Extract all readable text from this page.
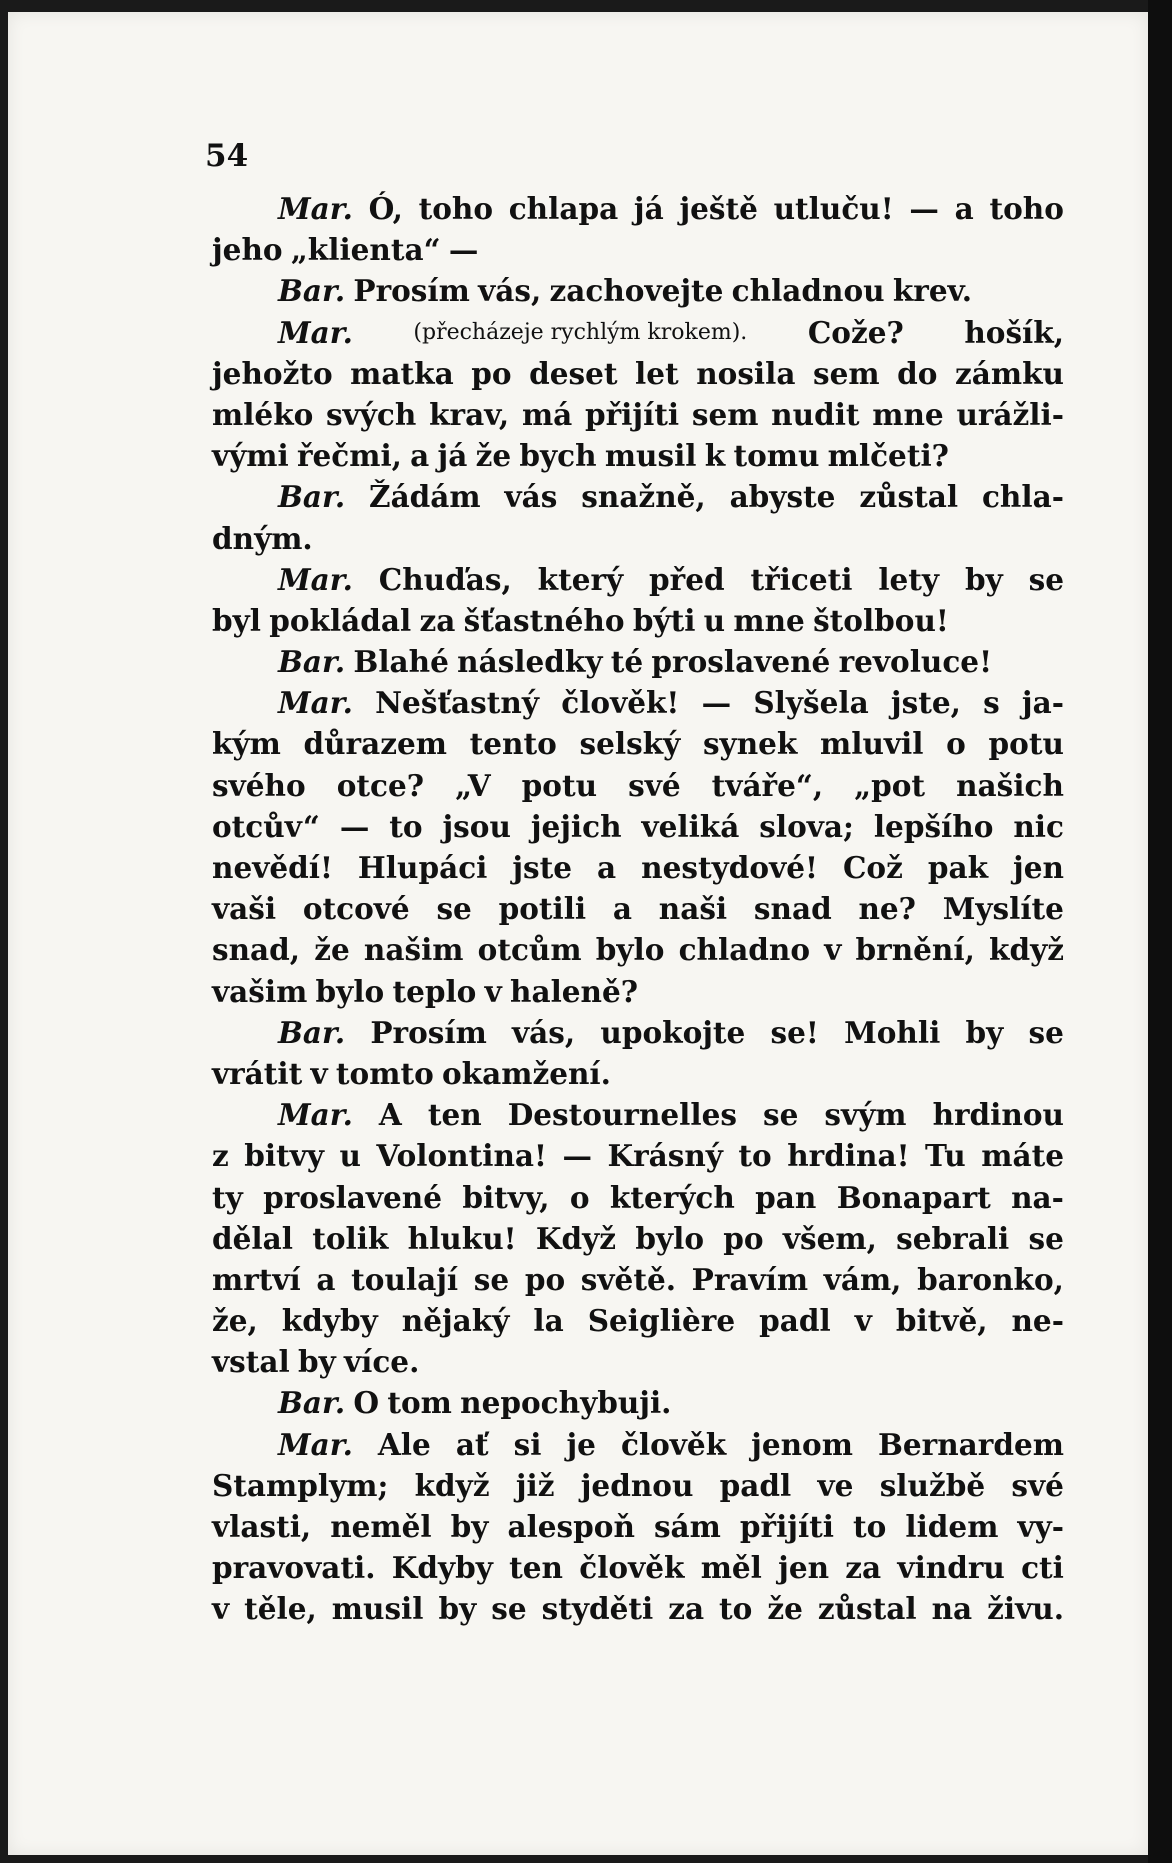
54
Mar. Ó, toho chlapa já ještě utluču! — a toho
jeho „klienta“ —
Bar. Prosím vás, zachovejte chladnou krev.
Mar.	(přecházeje rychlým krokem). Cože? hošík,
jehožto matka po deset let nosila sem do zámku
mléko svých krav, má přijíti sem nudit mne urážli-
vými řečmi, a já že bych musil k tomu mlčeti?
Bar. Žádám vás snažně, abyste zůstal chla-
dným.
Mar. Chuďas, který před třiceti lety by se
byl pokládal za šťastného býti u mne štolbou!
Bar. Blahé následky té proslavené revoluce!
Mar. Nešťastný člověk! — Slyšela jste, s ja-
kým důrazem tento selský synek mluvil o potu
svého otce? „V potu své tváře“, „pot našich
otcův“ — to jsou jejich veliká slova; lepšího nic
nevědí! Hlupáci jste a nestydové! Což pak jen
vaši otcové se potili a naši snad ne? Myslíte
snad, že našim otcům bylo chladno v brnění, když
vašim bylo teplo v haleně?
Bar. Prosím vás, upokojte se! Mohli by se
vrátit v tomto okamžení.
Mar. A ten Destournelles se svým hrdinou
z bitvy u Volontina! — Krásný to hrdina! Tu máte
ty proslavené bitvy, o kterých pan Bonapart na-
dělal tolik hluku! Když bylo po všem, sebrali se
mrtví a toulají se po světě. Pravím vám, baronko,
že, kdyby nějaký la Seiglière padl v bitvě, ne-
vstal by více.
Bar. O tom nepochybuji.
Mar. Ale ať si je člověk jenom Bernardem
Stamplym; když již jednou padl ve službě své
vlasti, neměl by alespoň sám přijíti to lidem vy-
pravovati. Kdyby ten člověk měl jen za vindru cti
v těle, musil by se styděti za to že zůstal na živu.
